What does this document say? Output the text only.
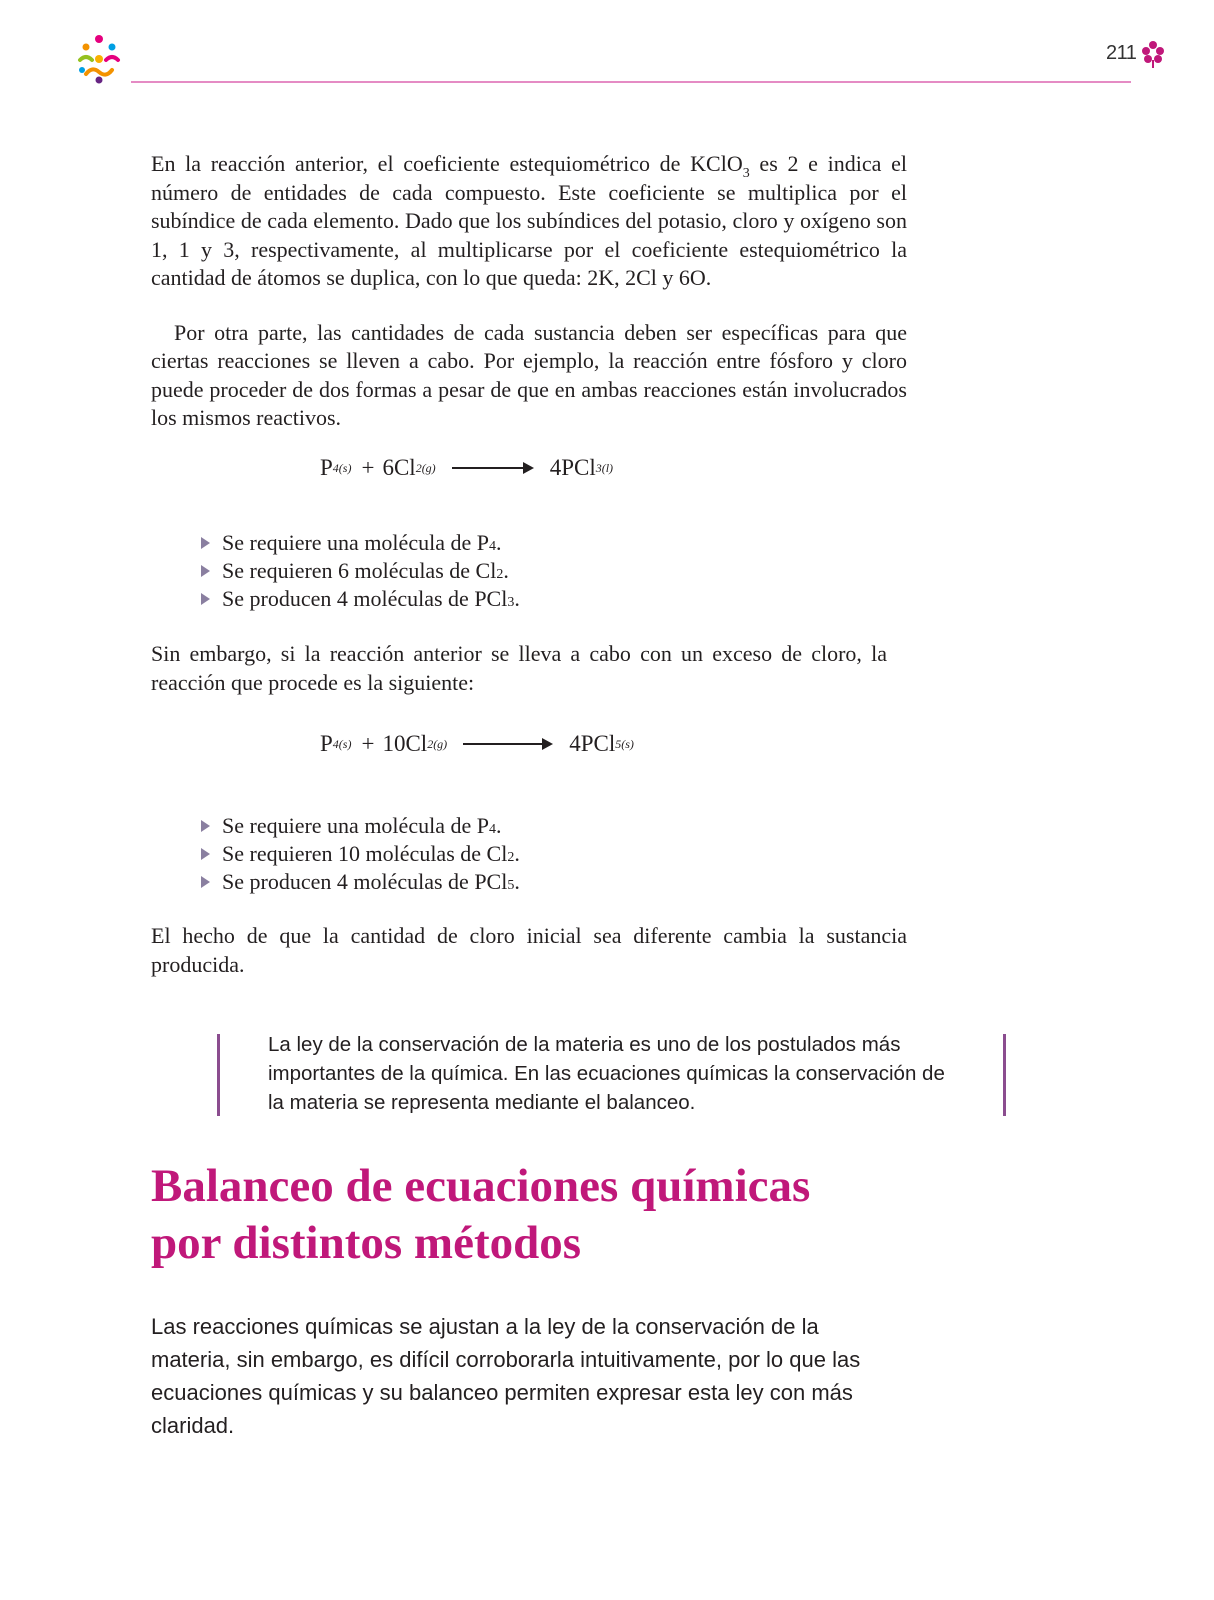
211

En la reacción anterior, el coeficiente estequiométrico de KClO$_3$ es 2 e indica el número de entidades de cada compuesto. Este coeficiente se multiplica por el subíndice de cada elemento. Dado que los subíndices del potasio, cloro y oxígeno son 1, 1 y 3, respectivamente, al multiplicarse por el coeficiente estequiométrico la cantidad de átomos se duplica, con lo que queda: 2K, 2Cl y 6O.

Por otra parte, las cantidades de cada sustancia deben ser específicas para que ciertas reacciones se lleven a cabo. Por ejemplo, la reacción entre fósforo y cloro puede proceder de dos formas a pesar de que en ambas reacciones están involucrados los mismos reactivos.

P 4(s) + 6Cl 2(g)	4PCl 3(l)
Se requiere una molécula de P 4 .
Se requieren 6 moléculas de Cl 2 .
Se producen 4 moléculas de PCl 3 .

Sin embargo, si la reacción anterior se lleva a cabo con un exceso de cloro, la reacción que procede es la siguiente:

P 4(s) + 10Cl 2(g)	4PCl 5(s)
Se requiere una molécula de P 4 .
Se requieren 10 moléculas de Cl 2 .
Se producen 4 moléculas de PCl 5 .

El hecho de que la cantidad de cloro inicial sea diferente cambia la sustancia producida.

La ley de la conservación de la materia es uno de los postulados más importantes de la química. En las ecuaciones químicas la conservación de la materia se representa mediante el balanceo.

Balanceo de ecuaciones químicas
por distintos métodos

Las reacciones químicas se ajustan a la ley de la conservación de la materia, sin embargo, es difícil corroborarla intuitivamente, por lo que las ecuaciones químicas y su balanceo permiten expresar esta ley con más claridad.
